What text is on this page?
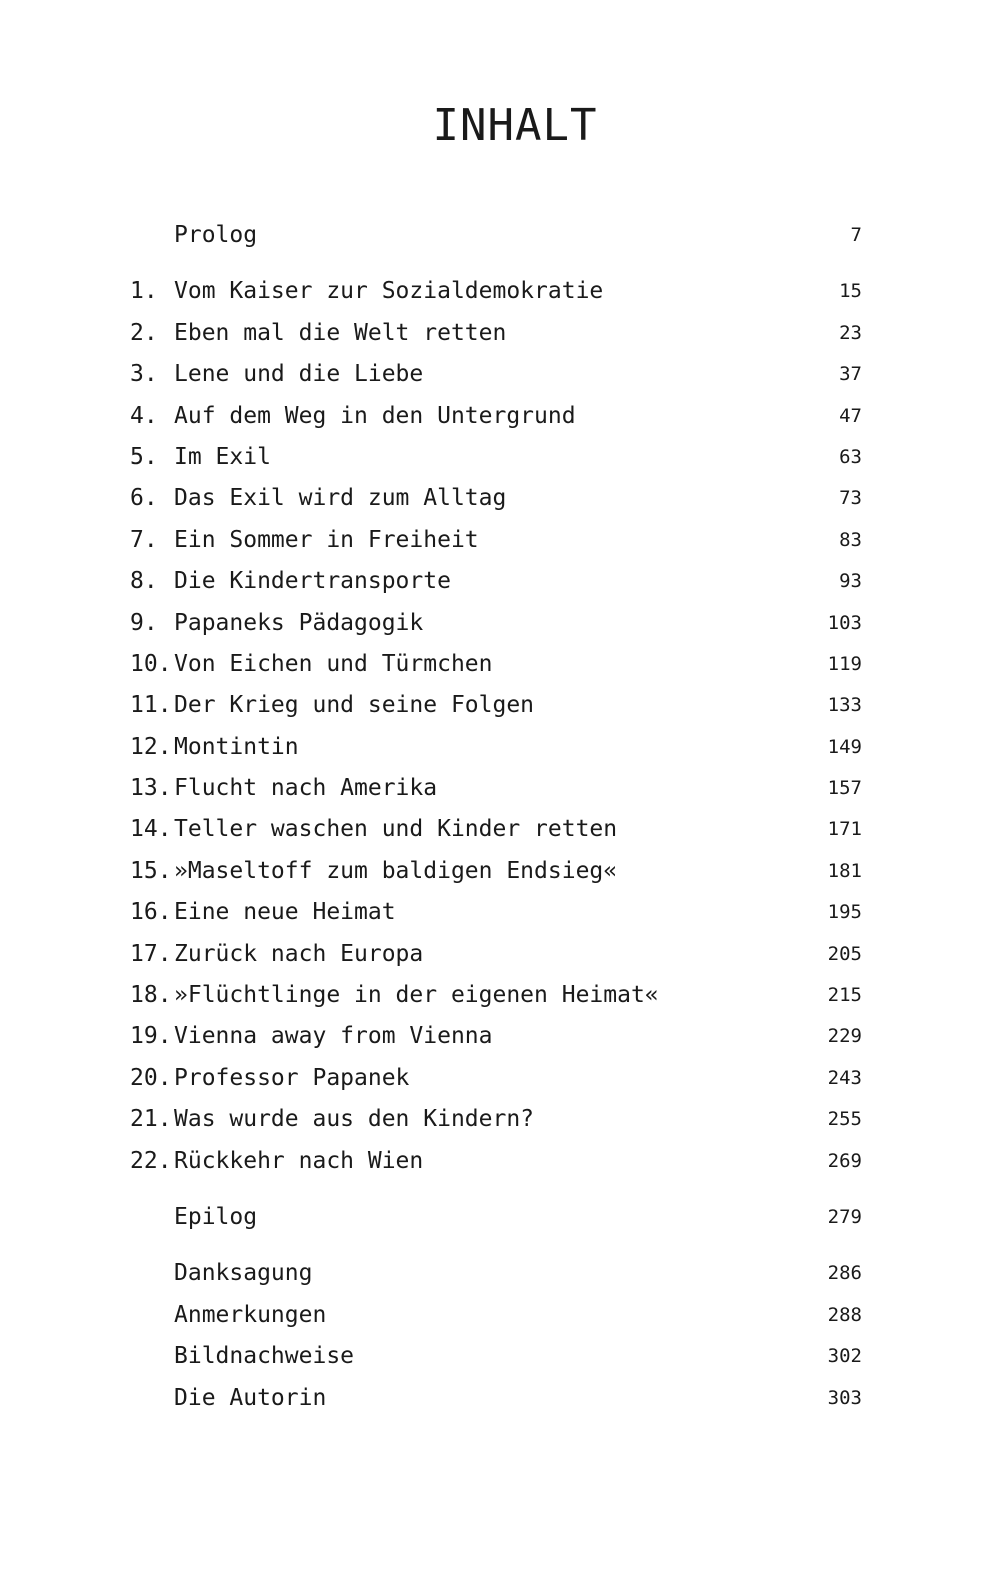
INHALT
Prolog	7
1. Vom Kaiser zur Sozialdemokratie	15
2. Eben mal die Welt retten	23
3. Lene und die Liebe	37
4. Auf dem Weg in den Untergrund	47
5. Im Exil	63
6. Das Exil wird zum Alltag	73
7. Ein Sommer in Freiheit	83
8. Die Kindertransporte	93
9. Papaneks Pädagogik	103
10. Von Eichen und Türmchen	119
11. Der Krieg und seine Folgen	133
12. Montintin	149
13. Flucht nach Amerika	157
14. Teller waschen und Kinder retten	171
15. »Maseltoff zum baldigen Endsieg«	181
16. Eine neue Heimat	195
17. Zurück nach Europa	205
18. »Flüchtlinge in der eigenen Heimat«	215
19. Vienna away from Vienna	229
20. Professor Papanek	243
21. Was wurde aus den Kindern?	255
22. Rückkehr nach Wien	269
Epilog	279
Danksagung	286
Anmerkungen	288
Bildnachweise	302
Die Autorin	303
